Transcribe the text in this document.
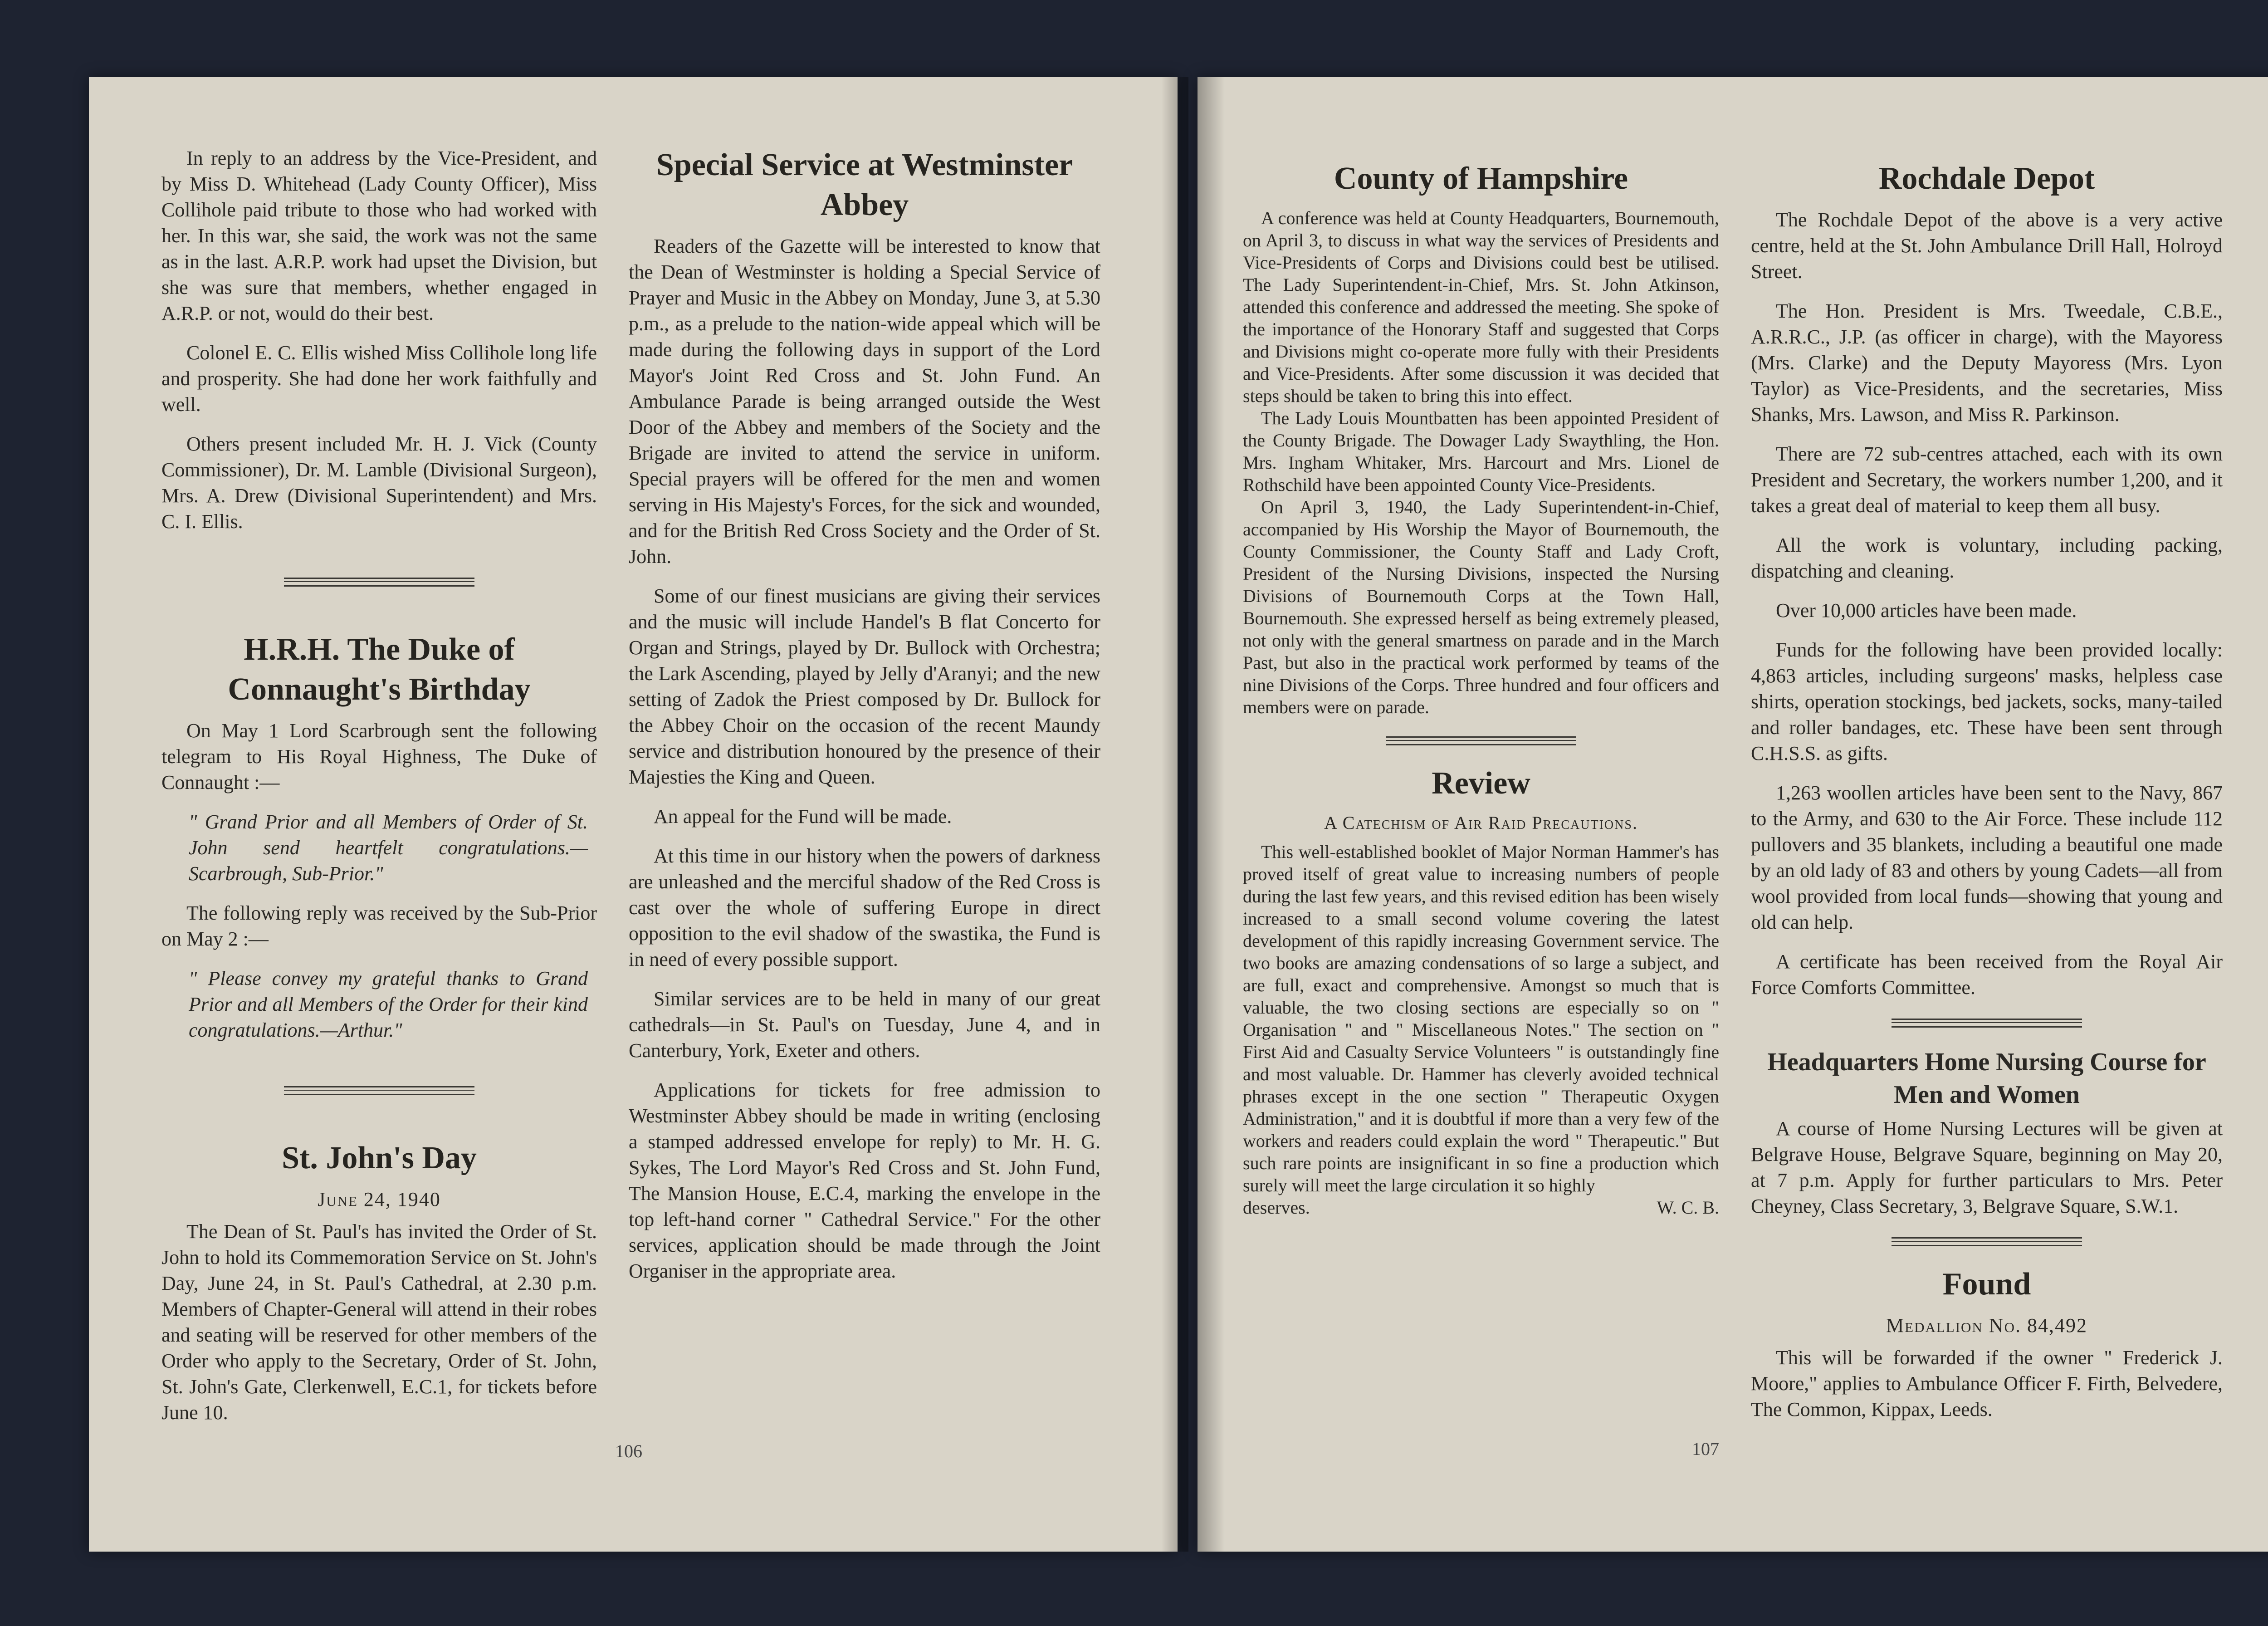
In reply to an address by the Vice-President, and by Miss D. Whitehead (Lady County Officer), Miss Collihole paid tribute to those who had worked with her. In this war, she said, the work was not the same as in the last. A.R.P. work had upset the Division, but she was sure that members, whether engaged in A.R.P. or not, would do their best.

Colonel E. C. Ellis wished Miss Collihole long life and prosperity. She had done her work faithfully and well.

Others present included Mr. H. J. Vick (County Commissioner), Dr. M. Lamble (Divisional Surgeon), Mrs. A. Drew (Divisional Superintendent) and Mrs. C. I. Ellis.

H.R.H. The Duke of Connaught's Birthday

On May 1 Lord Scarbrough sent the following telegram to His Royal Highness, The Duke of Connaught :—

" Grand Prior and all Members of Order of St. John send heartfelt congratulations.—Scarbrough, Sub-Prior."

The following reply was received by the Sub-Prior on May 2 :—

" Please convey my grateful thanks to Grand Prior and all Members of the Order for their kind congratulations.—Arthur."

St. John's Day

June 24, 1940

The Dean of St. Paul's has invited the Order of St. John to hold its Commemoration Service on St. John's Day, June 24, in St. Paul's Cathedral, at 2.30 p.m. Members of Chapter-General will attend in their robes and seating will be reserved for other members of the Order who apply to the Secretary, Order of St. John, St. John's Gate, Clerkenwell, E.C.1, for tickets before June 10.

Special Service at Westminster Abbey

Readers of the Gazette will be interested to know that the Dean of Westminster is holding a Special Service of Prayer and Music in the Abbey on Monday, June 3, at 5.30 p.m., as a prelude to the nation-wide appeal which will be made during the following days in support of the Lord Mayor's Joint Red Cross and St. John Fund. An Ambulance Parade is being arranged outside the West Door of the Abbey and members of the Society and the Brigade are invited to attend the service in uniform. Special prayers will be offered for the men and women serving in His Majesty's Forces, for the sick and wounded, and for the British Red Cross Society and the Order of St. John.

Some of our finest musicians are giving their services and the music will include Handel's B flat Concerto for Organ and Strings, played by Dr. Bullock with Orchestra; the Lark Ascending, played by Jelly d'Aranyi; and the new setting of Zadok the Priest composed by Dr. Bullock for the Abbey Choir on the occasion of the recent Maundy service and distribution honoured by the presence of their Majesties the King and Queen.

An appeal for the Fund will be made.

At this time in our history when the powers of darkness are unleashed and the merciful shadow of the Red Cross is cast over the whole of suffering Europe in direct opposition to the evil shadow of the swastika, the Fund is in need of every possible support.

Similar services are to be held in many of our great cathedrals—in St. Paul's on Tuesday, June 4, and in Canterbury, York, Exeter and others.

Applications for tickets for free admission to Westminster Abbey should be made in writing (enclosing a stamped addressed envelope for reply) to Mr. H. G. Sykes, The Lord Mayor's Red Cross and St. John Fund, The Mansion House, E.C.4, marking the envelope in the top left-hand corner " Cathedral Service." For the other services, application should be made through the Joint Organiser in the appropriate area.

106
County of Hampshire

A conference was held at County Headquarters, Bournemouth, on April 3, to discuss in what way the services of Presidents and Vice-Presidents of Corps and Divisions could best be utilised. The Lady Superintendent-in-Chief, Mrs. St. John Atkinson, attended this conference and addressed the meeting. She spoke of the importance of the Honorary Staff and suggested that Corps and Divisions might co-operate more fully with their Presidents and Vice-Presidents. After some discussion it was decided that steps should be taken to bring this into effect.

The Lady Louis Mountbatten has been appointed President of the County Brigade. The Dowager Lady Swaythling, the Hon. Mrs. Ingham Whitaker, Mrs. Harcourt and Mrs. Lionel de Rothschild have been appointed County Vice-Presidents.

On April 3, 1940, the Lady Superintendent-in-Chief, accompanied by His Worship the Mayor of Bournemouth, the County Commissioner, the County Staff and Lady Croft, President of the Nursing Divisions, inspected the Nursing Divisions of Bournemouth Corps at the Town Hall, Bournemouth. She expressed herself as being extremely pleased, not only with the general smartness on parade and in the March Past, but also in the practical work performed by teams of the nine Divisions of the Corps. Three hundred and four officers and members were on parade.

Review

A Catechism of Air Raid Precautions.

This well-established booklet of Major Norman Hammer's has proved itself of great value to increasing numbers of people during the last few years, and this revised edition has been wisely increased to a small second volume covering the latest development of this rapidly increasing Government service. The two books are amazing condensations of so large a subject, and are full, exact and comprehensive. Amongst so much that is valuable, the two closing sections are especially so on " Organisation " and " Miscellaneous Notes." The section on " First Aid and Casualty Service Volunteers " is outstandingly fine and most valuable. Dr. Hammer has cleverly avoided technical phrases except in the one section " Therapeutic Oxygen Administration," and it is doubtful if more than a very few of the workers and readers could explain the word " Therapeutic." But such rare points are insignificant in so fine a production which surely will meet the large circulation it so highly

deserves.	W. C. B.
Rochdale Depot

The Rochdale Depot of the above is a very active centre, held at the St. John Ambulance Drill Hall, Holroyd Street.

The Hon. President is Mrs. Tweedale, C.B.E., A.R.R.C., J.P. (as officer in charge), with the Mayoress (Mrs. Clarke) and the Deputy Mayoress (Mrs. Lyon Taylor) as Vice-Presidents, and the secretaries, Miss Shanks, Mrs. Lawson, and Miss R. Parkinson.

There are 72 sub-centres attached, each with its own President and Secretary, the workers number 1,200, and it takes a great deal of material to keep them all busy.

All the work is voluntary, including packing, dispatching and cleaning.

Over 10,000 articles have been made.

Funds for the following have been provided locally: 4,863 articles, including surgeons' masks, helpless case shirts, operation stockings, bed jackets, socks, many-tailed and roller bandages, etc. These have been sent through C.H.S.S. as gifts.

1,263 woollen articles have been sent to the Navy, 867 to the Army, and 630 to the Air Force. These include 112 pullovers and 35 blankets, including a beautiful one made by an old lady of 83 and others by young Cadets—all from wool provided from local funds—showing that young and old can help.

A certificate has been received from the Royal Air Force Comforts Committee.

Headquarters Home Nursing Course for Men and Women

A course of Home Nursing Lectures will be given at Belgrave House, Belgrave Square, beginning on May 20, at 7 p.m. Apply for further particulars to Mrs. Peter Cheyney, Class Secretary, 3, Belgrave Square, S.W.1.

Found

Medallion No. 84,492

This will be forwarded if the owner " Frederick J. Moore," applies to Ambulance Officer F. Firth, Belvedere, The Common, Kippax, Leeds.

107
